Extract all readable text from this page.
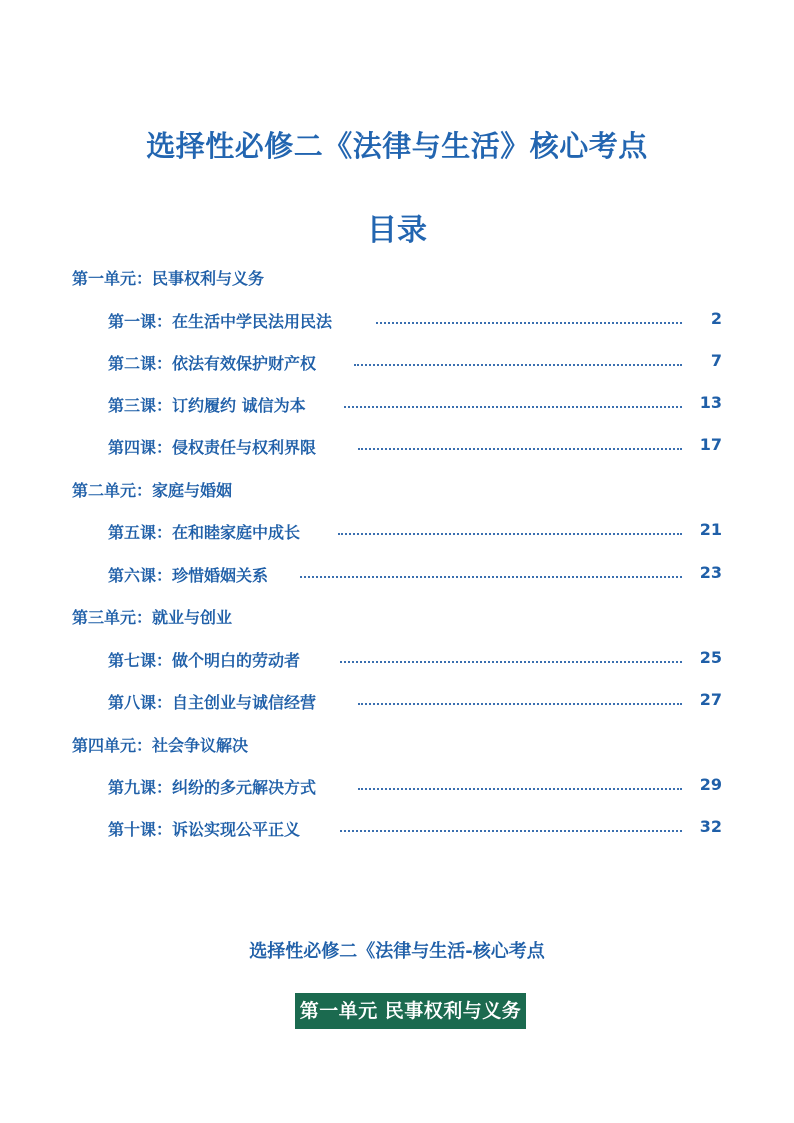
选择性必修二《法律与生活》核心考点
目录
第一单元：民事权利与义务
第一课：在生活中学民法用民法	2
第二课：依法有效保护财产权	7
第三课：订约履约 诚信为本	13
第四课：侵权责任与权利界限	17
第二单元：家庭与婚姻
第五课：在和睦家庭中成长	21
第六课：珍惜婚姻关系	23
第三单元：就业与创业
第七课：做个明白的劳动者	25
第八课：自主创业与诚信经营	27
第四单元：社会争议解决
第九课：纠纷的多元解决方式	29
第十课：诉讼实现公平正义	32
选择性必修二《法律与生活-核心考点
第一单元 民事权利与义务
